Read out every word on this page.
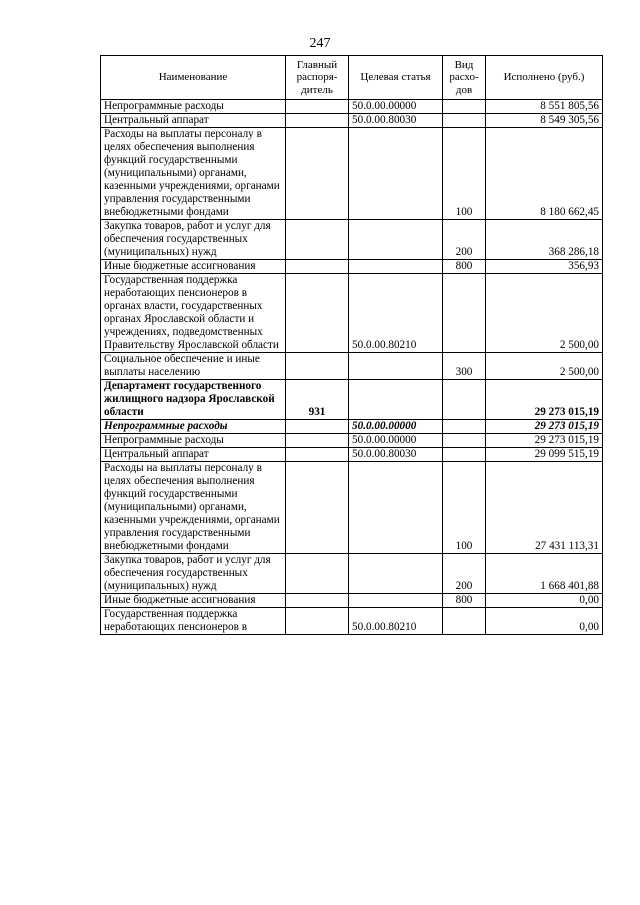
247
Наименование	Главный распоря-дитель	Целевая статья	Вид расхо-дов	Исполнено (руб.)
Непрограммные расходы		50.0.00.00000		8 551 805,56
Центральный аппарат		50.0.00.80030		8 549 305,56
Расходы на выплаты персоналу в целях обеспечения выполнения функций государственными (муниципальными) органами, казенными учреждениями, органами управления государственными внебюджетными фондами			100	8 180 662,45
Закупка товаров, работ и услуг для обеспечения государственных (муниципальных) нужд			200	368 286,18
Иные бюджетные ассигнования			800	356,93
Государственная поддержка неработающих пенсионеров в органах власти, государственных органах Ярославской области и учреждениях, подведомственных Правительству Ярославской области		50.0.00.80210		2 500,00
Социальное обеспечение и иные выплаты населению			300	2 500,00
Департамент государственного жилищного надзора Ярославской области	931			29 273 015,19
Непрограммные расходы		50.0.00.00000		29 273 015,19
Непрограммные расходы		50.0.00.00000		29 273 015,19
Центральный аппарат		50.0.00.80030		29 099 515,19
Расходы на выплаты персоналу в целях обеспечения выполнения функций государственными (муниципальными) органами, казенными учреждениями, органами управления государственными внебюджетными фондами			100	27 431 113,31
Закупка товаров, работ и услуг для обеспечения государственных (муниципальных) нужд			200	1 668 401,88
Иные бюджетные ассигнования			800	0,00
Государственная поддержка неработающих пенсионеров в		50.0.00.80210		0,00
